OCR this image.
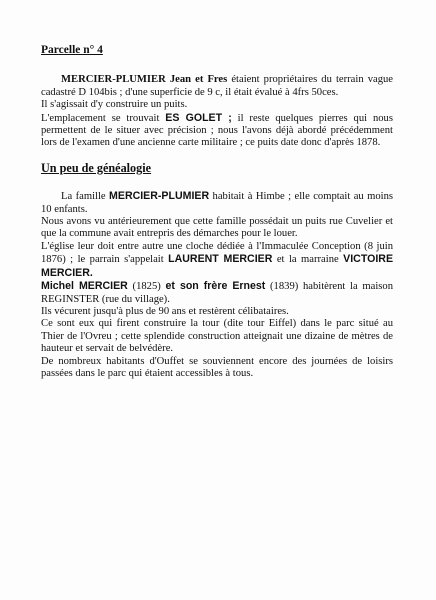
Parcelle n° 4

MERCIER-PLUMIER Jean et Fres étaient propriétaires du terrain vague cadastré D 104bis ; d'une superficie de 9 c, il était évalué à 4frs 50ces.

Il s'agissait d'y construire un puits.

L'emplacement se trouvait ES GOLET ; il reste quelques pierres qui nous permettent de le situer avec précision ; nous l'avons déjà abordé précédemment lors de l'examen d'une ancienne carte militaire ; ce puits date donc d'après 1878.

Un peu de généalogie

La famille MERCIER-PLUMIER habitait à Himbe ; elle comptait au moins 10 enfants.

Nous avons vu antérieurement que cette famille possédait un puits rue Cuvelier et que la commune avait entrepris des démarches pour le louer.

L'église leur doit entre autre une cloche dédiée à l'Immaculée Conception (8 juin 1876) ; le parrain s'appelait LAURENT MERCIER et la marraine VICTOIRE MERCIER.

Michel MERCIER (1825) et son frère Ernest (1839) habitèrent la maison REGINSTER (rue du village).

Ils vécurent jusqu'à plus de 90 ans et restèrent célibataires.

Ce sont eux qui firent construire la tour (dite tour Eiffel) dans le parc situé au Thier de l'Ovreu ; cette splendide construction atteignait une dizaine de mètres de hauteur et servait de belvédère.

De nombreux habitants d'Ouffet se souviennent encore des journées de loisirs passées dans le parc qui étaient accessibles à tous.
